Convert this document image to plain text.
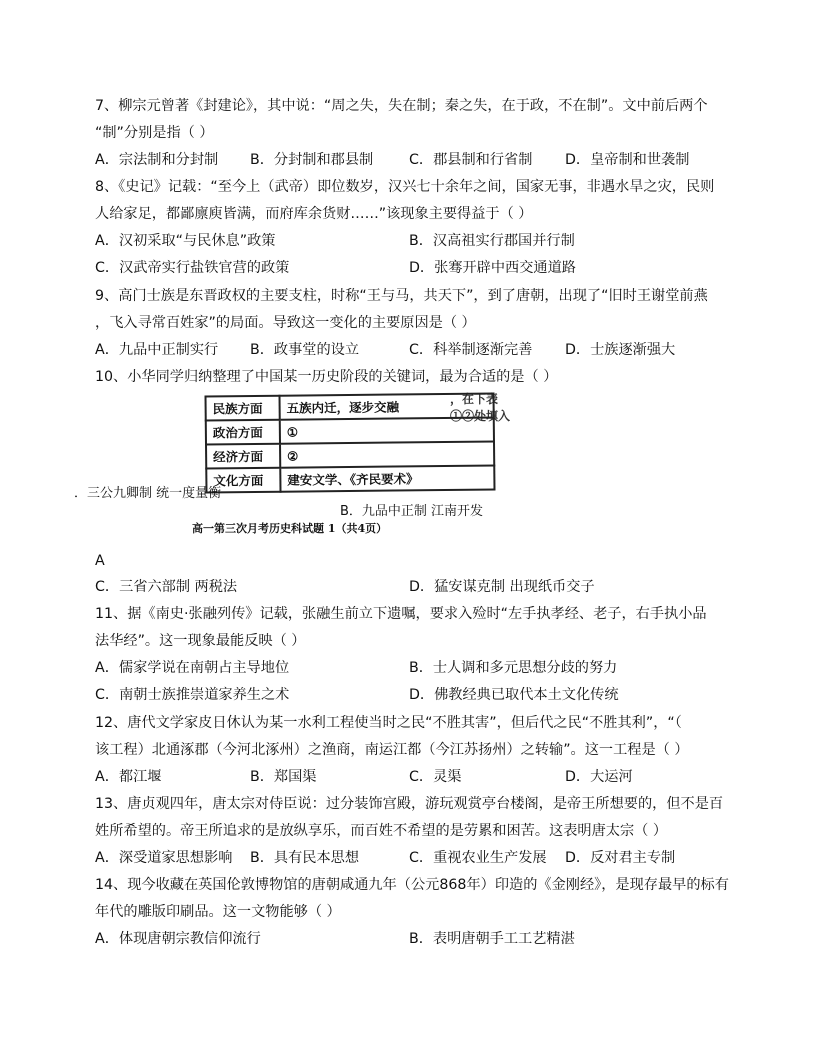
7、柳宗元曾著《封建论》，其中说：“周之失，失在制；秦之失，在于政，不在制”。文中前后两个
“制”分别是指（ ）
A．宗法制和分封制 B．分封制和郡县制	C．郡县制和行省制 D．皇帝制和世袭制
8、《史记》记载：“至今上（武帝）即位数岁，汉兴七十余年之间，国家无事，非遇水旱之灾，民则
人给家足，都鄙廪庾皆满，而府库余货财……”该现象主要得益于（ ）
A．汉初采取“与民休息”政策	B．汉高祖实行郡国并行制
C．汉武帝实行盐铁官营的政策	D．张骞开辟中西交通道路
9、高门士族是东晋政权的主要支柱，时称“王与马，共天下”，到了唐朝，出现了“旧时王谢堂前燕
，飞入寻常百姓家”的局面。导致这一变化的主要原因是（ ）
A．九品中正制实行 B．政事堂的设立	C．科举制逐渐完善 D．士族逐渐强大
10、小华同学归纳整理了中国某一历史阶段的关键词，最为合适的是（ ）
，在下表①②处填入
民族方面	五族内迁，逐步交融
政治方面	①
经济方面	②
文化方面	建安文学、《齐民要术》
．三公九卿制 统一度量衡
B．九品中正制 江南开发
高一第三次月考历史科试题 1（共4页）
A
C．三省六部制 两税法	D．猛安谋克制 出现纸币交子
11、据《南史·张融列传》记载，张融生前立下遗嘱，要求入殓时“左手执孝经、老子，右手执小品
法华经”。这一现象最能反映（ ）
A．儒家学说在南朝占主导地位	B．士人调和多元思想分歧的努力
C．南朝士族推崇道家养生之术	D．佛教经典已取代本土文化传统
12、唐代文学家皮日休认为某一水利工程使当时之民“不胜其害”，但后代之民“不胜其利”，“（
该工程）北通涿郡（今河北涿州）之渔商，南运江都（今江苏扬州）之转输”。这一工程是（ ）
A．都江堰	B．郑国渠	C．灵渠	D．大运河
13、唐贞观四年，唐太宗对侍臣说：过分装饰宫殿，游玩观赏亭台楼阁，是帝王所想要的，但不是百
姓所希望的。帝王所追求的是放纵享乐，而百姓不希望的是劳累和困苦。这表明唐太宗（ ）
A．深受道家思想影响 B．具有民本思想	C．重视农业生产发展 D．反对君主专制
14、现今收藏在英国伦敦博物馆的唐朝咸通九年（公元868年）印造的《金刚经》，是现存最早的标有
年代的雕版印刷品。这一文物能够（ ）
A．体现唐朝宗教信仰流行	B．表明唐朝手工工艺精湛
